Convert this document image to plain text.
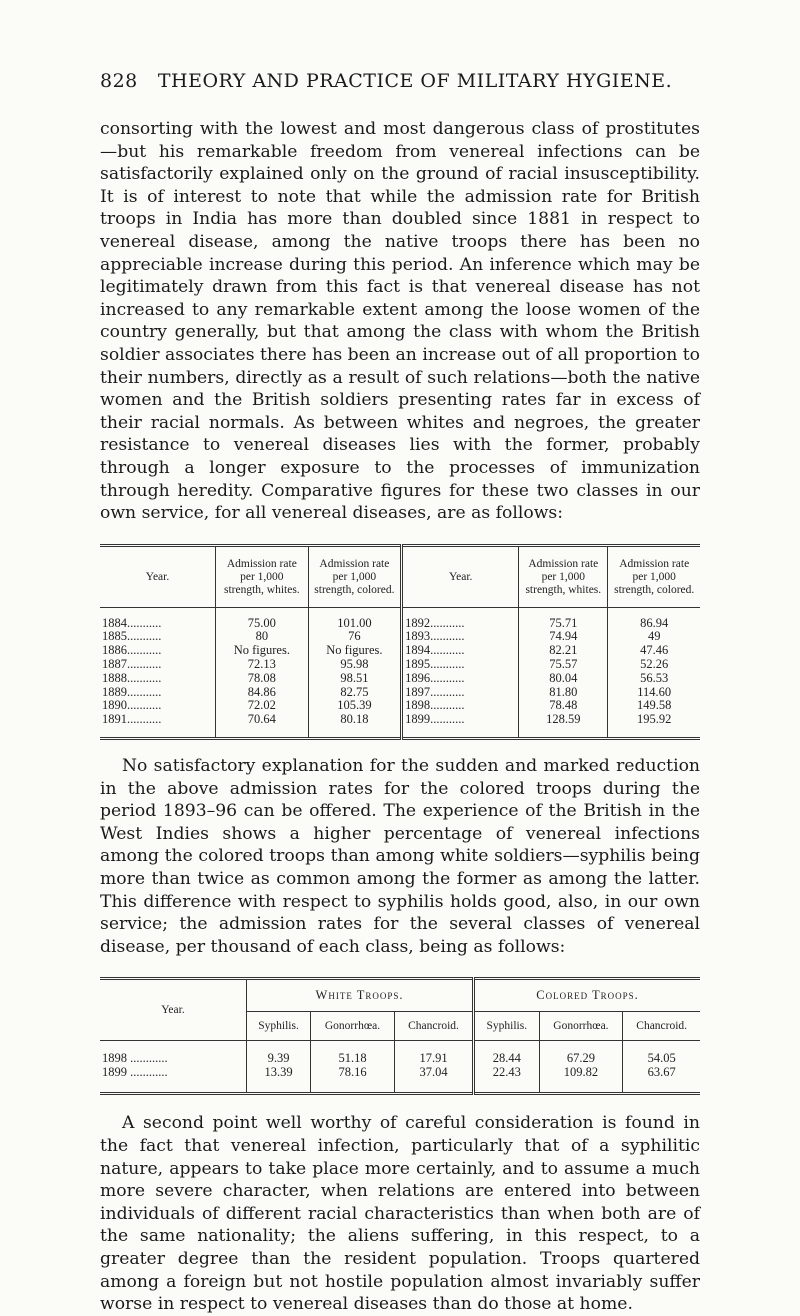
828	THEORY AND PRACTICE OF MILITARY HYGIENE.

consorting with the lowest and most dangerous class of prostitutes—but his remarkable freedom from venereal infections can be satisfactorily explained only on the ground of racial insusceptibility. It is of interest to note that while the admission rate for British troops in India has more than doubled since 1881 in respect to venereal disease, among the native troops there has been no appreciable increase during this period. An inference which may be legitimately drawn from this fact is that venereal disease has not increased to any remarkable extent among the loose women of the country generally, but that among the class with whom the British soldier associates there has been an increase out of all proportion to their numbers, directly as a result of such relations—both the native women and the British soldiers presenting rates far in excess of their racial normals. As between whites and negroes, the greater resistance to venereal diseases lies with the former, probably through a longer exposure to the processes of immunization through heredity. Comparative figures for these two classes in our own service, for all venereal diseases, are as follows:

Year.	Admission rate per 1,000 strength, whites.	Admission rate per 1,000 strength, colored.	Year.	Admission rate per 1,000 strength, whites.	Admission rate per 1,000 strength, colored.
1884...........	75.00	101.00	1892...........	75.71	86.94
1885...........	80	76	1893...........	74.94	49
1886...........	No figures.	No figures.	1894...........	82.21	47.46
1887...........	72.13	95.98	1895...........	75.57	52.26
1888...........	78.08	98.51	1896...........	80.04	56.53
1889...........	84.86	82.75	1897...........	81.80	114.60
1890...........	72.02	105.39	1898...........	78.48	149.58
1891...........	70.64	80.18	1899...........	128.59	195.92

No satisfactory explanation for the sudden and marked reduction in the above admission rates for the colored troops during the period 1893–96 can be offered. The experience of the British in the West Indies shows a higher percentage of venereal infections among the colored troops than among white soldiers—syphilis being more than twice as common among the former as among the latter. This difference with respect to syphilis holds good, also, in our own service; the admission rates for the several classes of venereal disease, per thousand of each class, being as follows:

Year.	White Troops.			Colored Troops.		
	Syphilis.	Gonorrhœa.	Chancroid.	Syphilis.	Gonorrhœa.	Chancroid.
1898 ............	9.39	51.18	17.91	28.44	67.29	54.05
1899 ............	13.39	78.16	37.04	22.43	109.82	63.67

A second point well worthy of careful consideration is found in the fact that venereal infection, particularly that of a syphilitic nature, appears to take place more certainly, and to assume a much more severe character, when relations are entered into between individuals of different racial characteristics than when both are of the same nationality; the aliens suffering, in this respect, to a greater degree than the resident population. Troops quartered among a foreign but not hostile population almost invariably suffer worse in respect to venereal diseases than do those at home.
